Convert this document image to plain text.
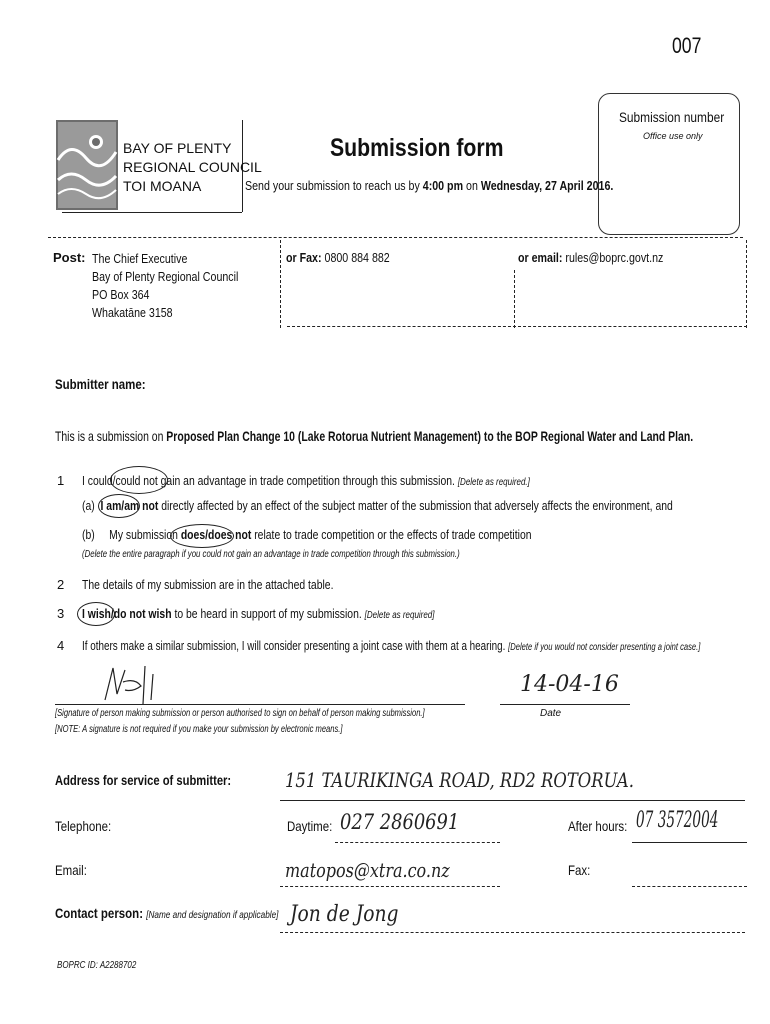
007
BAY OF PLENTY
REGIONAL COUNCIL
TOI MOANA
Submission form
Send your submission to reach us by 4:00 pm on Wednesday, 27 April 2016.
Submission number
Office use only
Post: The Chief Executive
Bay of Plenty Regional Council
PO Box 364
Whakatāne 3158
or Fax: 0800 884 882	or email: rules@boprc.govt.nz
Submitter name:
This is a submission on Proposed Plan Change 10 (Lake Rotorua Nutrient Management) to the BOP Regional Water and Land Plan.
1 I could/could not gain an advantage in trade competition through this submission. [Delete as required.]
(a) I am/am not directly affected by an effect of the subject matter of the submission that adversely affects the environment, and
(b) My submission does/does not relate to trade competition or the effects of trade competition
(Delete the entire paragraph if you could not gain an advantage in trade competition through this submission.)
2 The details of my submission are in the attached table.
3 I wish/do not wish to be heard in support of my submission. [Delete as required]
4 If others make a similar submission, I will consider presenting a joint case with them at a hearing. [Delete if you would not consider presenting a joint case.]
14-04-16
[Signature of person making submission or person authorised to sign on behalf of person making submission.]
[NOTE: A signature is not required if you make your submission by electronic means.]
Date
Address for service of submitter:	151 TAURIKINGA ROAD, RD2 ROTORUA.
Telephone:	Daytime: 027 2860691	After hours: 07 3572004
Email:	matopos@xtra.co.nz	Fax:
Contact person: [Name and designation if applicable] Jon de Jong
BOPRC ID: A2288702
